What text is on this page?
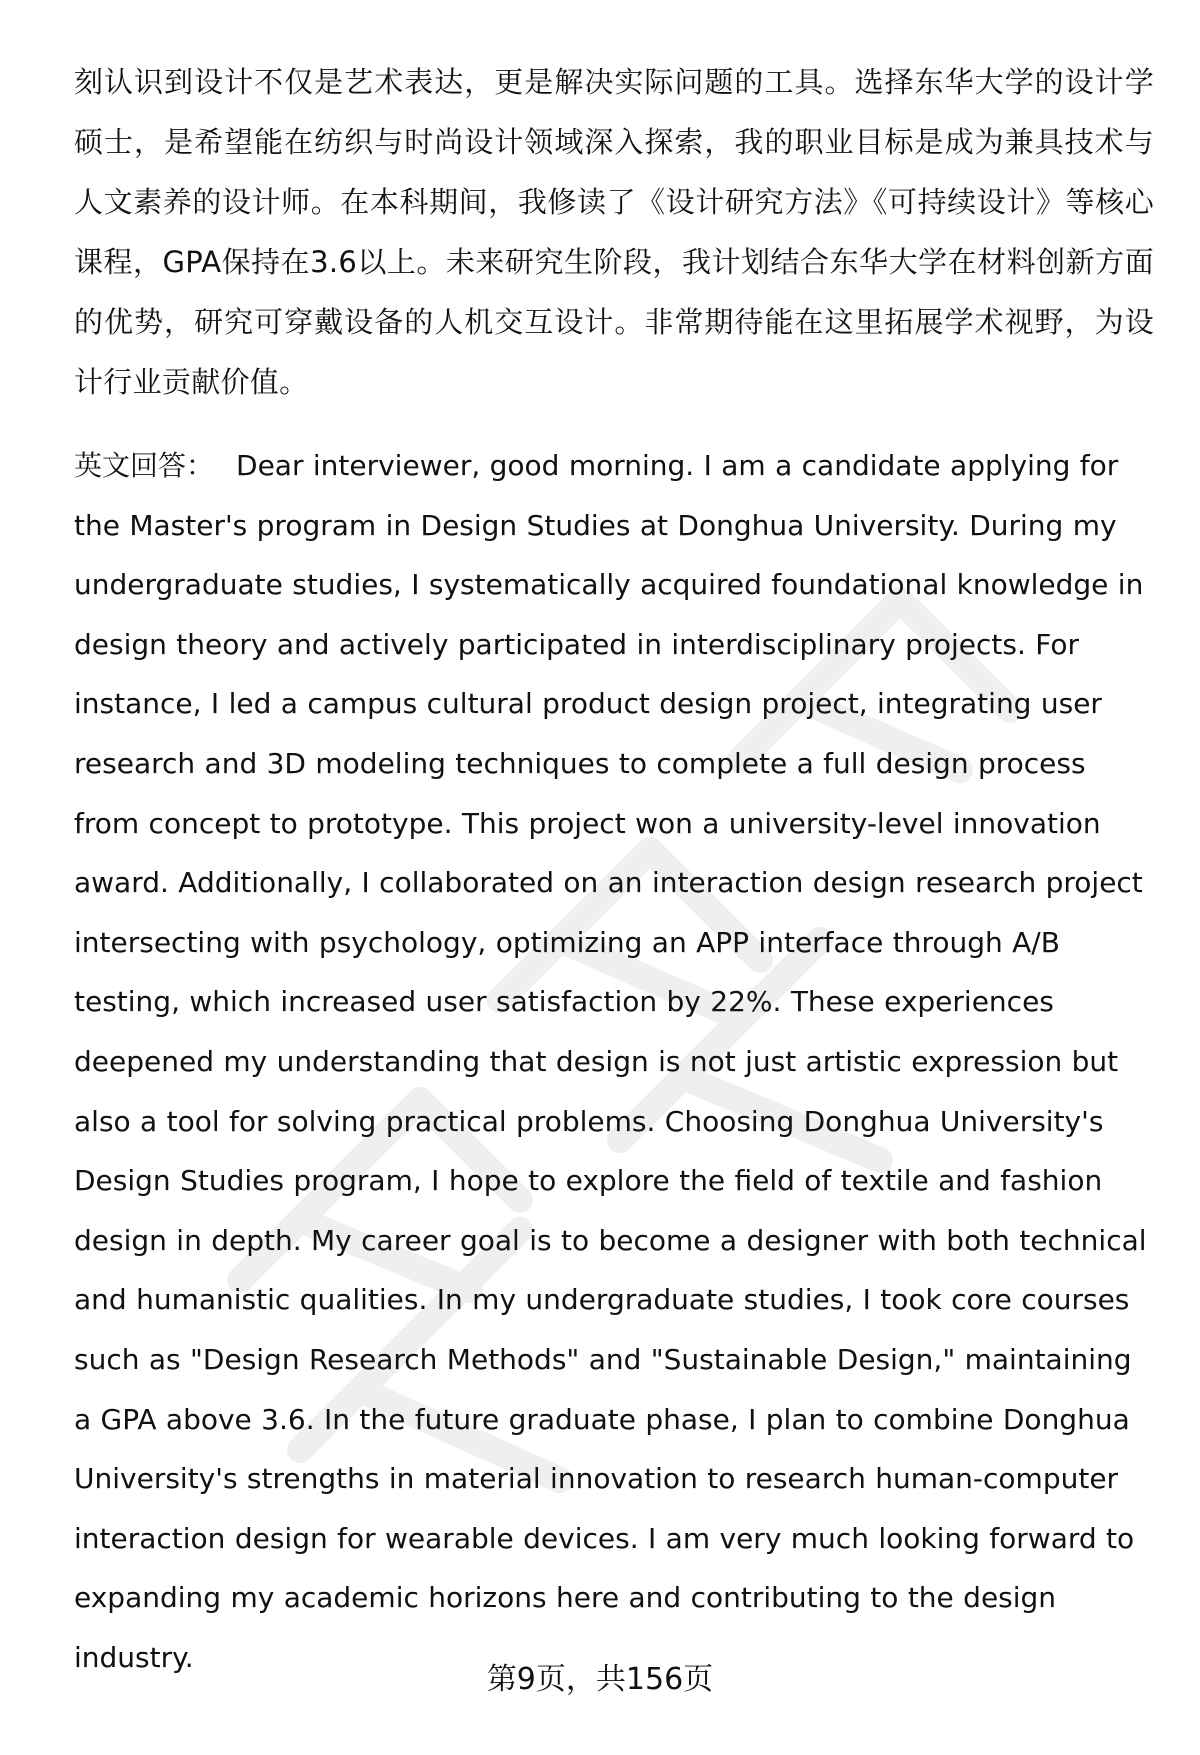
刻认识到设计不仅是艺术表达，更是解决实际问题的工具。选择东华大学的设计学硕士，是希望能在纺织与时尚设计领域深入探索，我的职业目标是成为兼具技术与人文素养的设计师。在本科期间，我修读了《设计研究方法》《可持续设计》等核心课程，GPA保持在3.6以上。未来研究生阶段，我计划结合东华大学在材料创新方面的优势，研究可穿戴设备的人机交互设计。非常期待能在这里拓展学术视野，为设计行业贡献价值。

英文回答： Dear interviewer, good morning. I am a candidate applying for the Master's program in Design Studies at Donghua University. During my undergraduate studies, I systematically acquired foundational knowledge in design theory and actively participated in interdisciplinary projects. For instance, I led a campus cultural product design project, integrating user research and 3D modeling techniques to complete a full design process from concept to prototype. This project won a university-level innovation award. Additionally, I collaborated on an interaction design research project intersecting with psychology, optimizing an APP interface through A/B testing, which increased user satisfaction by 22%. These experiences deepened my understanding that design is not just artistic expression but also a tool for solving practical problems. Choosing Donghua University's Design Studies program, I hope to explore the field of textile and fashion design in depth. My career goal is to become a designer with both technical and humanistic qualities. In my undergraduate studies, I took core courses such as "Design Research Methods" and "Sustainable Design," maintaining a GPA above 3.6. In the future graduate phase, I plan to combine Donghua University's strengths in material innovation to research human-computer interaction design for wearable devices. I am very much looking forward to expanding my academic horizons here and contributing to the design industry.

第9页，共156页
